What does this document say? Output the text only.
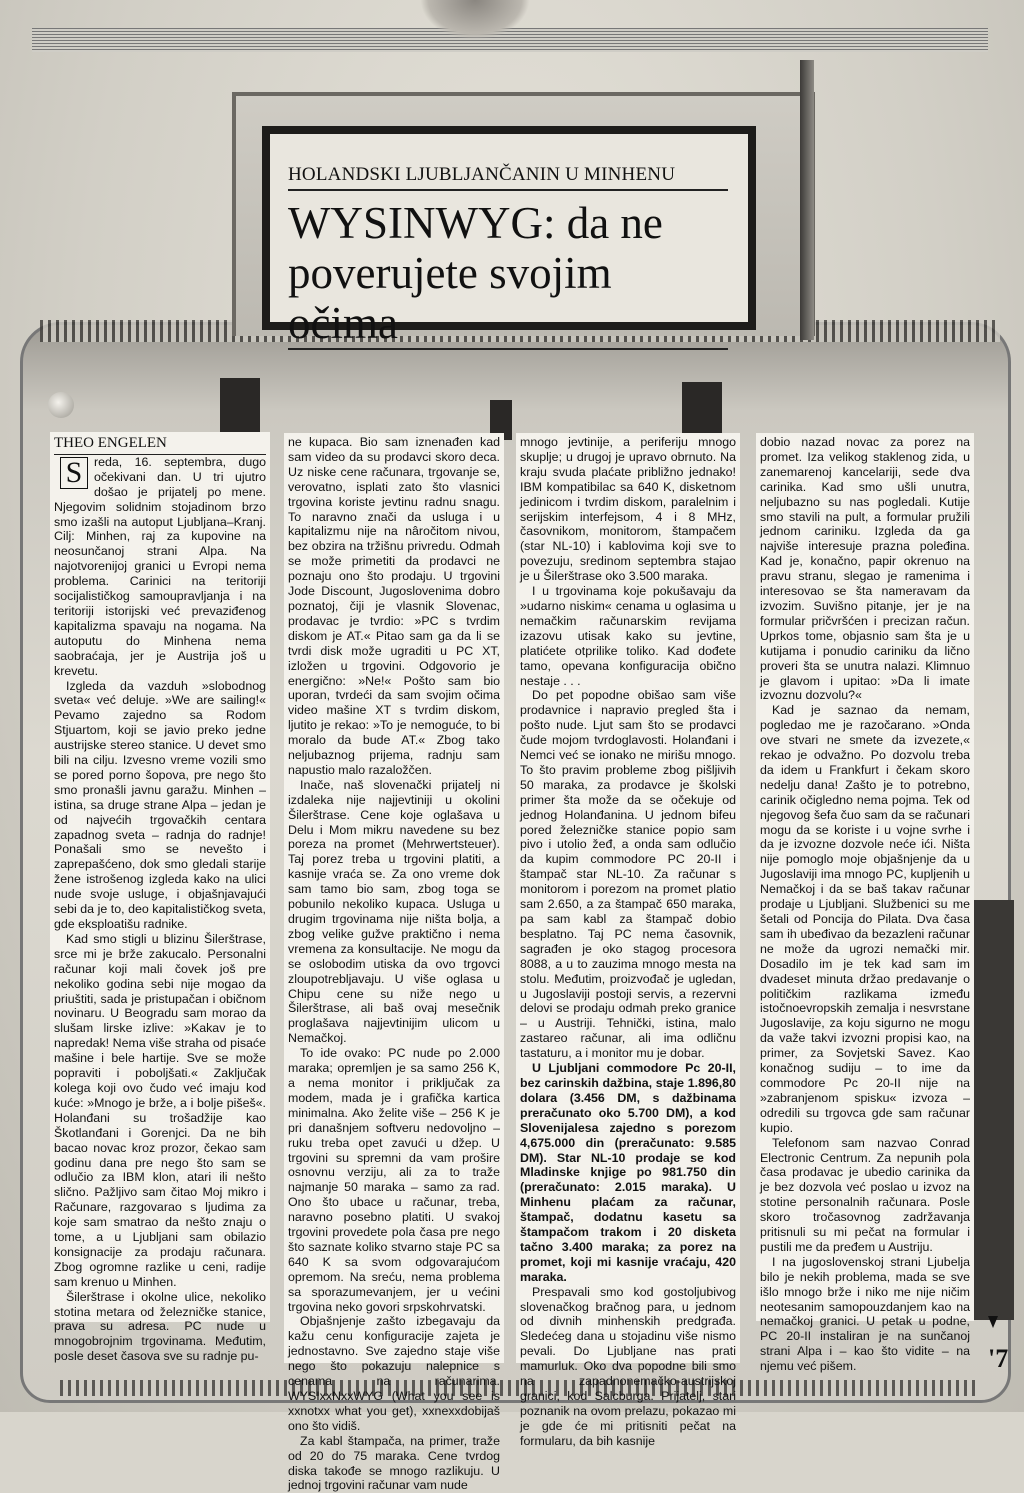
HOLANDSKI LJUBLJANČANIN U MINHENU
WYSINWYG: da ne
poverujete svojim očima

THEO ENGELEN

S reda, 16. septembra, dugo očekivani dan. U tri ujutro došao je prijatelj po mene. Njegovim solidnim stojadinom brzo smo izašli na autoput Ljubljana–Kranj. Cilj: Minhen, raj za kupovine na neosunčanoj strani Alpa. Na najotvorenijoj granici u Evropi nema problema. Carinici na teritoriji socijalističkog samoupravljanja i na teritoriji istorijski već prevaziđenog kapitalizma spavaju na nogama. Na autoputu do Minhena nema saobraćaja, jer je Austrija još u krevetu.

Izgleda da vazduh »slobodnog sveta« već deluje. »We are sailing!« Pevamo zajedno sa Rodom Stjuartom, koji se javio preko jedne austrijske stereo stanice. U devet smo bili na cilju. Izvesno vreme vozili smo se pored porno šopova, pre nego što smo pronašli javnu garažu. Minhen – istina, sa druge strane Alpa – jedan je od najvećih trgovačkih centara zapadnog sveta – radnja do radnje! Ponašali smo se nevešto i zaprepašćeno, dok smo gledali starije žene istrošenog izgleda kako na ulici nude svoje usluge, i objašnjavajući sebi da je to, deo kapitalističkog sveta, gde eksploatišu radnike.

Kad smo stigli u blizinu Šilerštrase, srce mi je brže zakucalo. Personalni računar koji mali čovek još pre nekoliko godina sebi nije mogao da priuštiti, sada je pristupačan i običnom novinaru. U Beogradu sam morao da slušam lirske izlive: »Kakav je to napredak! Nema više straha od pisaće mašine i bele hartije. Sve se može popraviti i poboljšati.« Zaključak kolega koji ovo čudo već imaju kod kuće: »Mnogo je brže, a i bolje pišeš«. Holanđani su trošadžije kao Škotlanđani i Gorenjci. Da ne bih bacao novac kroz prozor, čekao sam godinu dana pre nego što sam se odlučio za IBM klon, atari ili nešto slično. Pažljivo sam čitao Moj mikro i Računare, razgovarao s ljudima za koje sam smatrao da nešto znaju o tome, a u Ljubljani sam obilazio konsignacije za prodaju računara. Zbog ogromne razlike u ceni, radije sam krenuo u Minhen.

Šilerštrase i okolne ulice, nekoliko stotina metara od železničke stanice, prava su adresa. PC nude u mnogobrojnim trgovinama. Međutim, posle deset časova sve su radnje pu-

ne kupaca. Bio sam iznenađen kad sam video da su prodavci skoro deca. Uz niske cene računara, trgovanje se, verovatno, isplati zato što vlasnici trgovina koriste jevtinu radnu snagu. To naravno znači da usluga i u kapitalizmu nije na nâročitom nivou, bez obzira na tržišnu privredu. Odmah se može primetiti da prodavci ne poznaju ono što prodaju. U trgovini Jode Discount, Jugoslovenima dobro poznatoj, čiji je vlasnik Slovenac, prodavac je tvrdio: »PC s tvrdim diskom je AT.« Pitao sam ga da li se tvrdi disk može ugraditi u PC XT, izložen u trgovini. Odgovorio je energično: »Ne!« Pošto sam bio uporan, tvrdeći da sam svojim očima video mašine XT s tvrdim diskom, ljutito je rekao: »To je nemoguće, to bi moralo da bude AT.« Zbog tako neljubaznog prijema, radnju sam napustio malo razaložčen.

Inače, naš slovenački prijatelj ni izdaleka nije najjevtiniji u okolini Šilerštrase. Cene koje oglašava u Delu i Mom mikru navedene su bez poreza na promet (Mehrwertsteuer). Taj porez treba u trgovini platiti, a kasnije vraća se. Za ono vreme dok sam tamo bio sam, zbog toga se pobunilo nekoliko kupaca. Usluga u drugim trgovinama nije ništa bolja, a zbog velike gužve praktično i nema vremena za konsultacije. Ne mogu da se oslobodim utiska da ovo trgovci zloupotrebljavaju. U više oglasa u Chipu cene su niže nego u Šilerštrase, ali baš ovaj mesečnik proglašava najjevtinijim ulicom u Nemačkoj.

To ide ovako: PC nude po 2.000 maraka; opremljen je sa samo 256 K, a nema monitor i priključak za modem, mada je i grafička kartica minimalna. Ako želite više – 256 K je pri današnjem softveru nedovoljno – ruku treba opet zavući u džep. U trgovini su spremni da vam prošire osnovnu verziju, ali za to traže najmanje 50 maraka – samo za rad. Ono što ubace u računar, treba, naravno posebno platiti. U svakoj trgovini provedete pola časa pre nego što saznate koliko stvarno staje PC sa 640 K sa svom odgovarajućom opremom. Na sreću, nema problema sa sporazumevanjem, jer u većini trgovina neko govori srpskohrvatski.

Objašnjenje zašto izbegavaju da kažu cenu konfiguracije zajeta je jednostavno. Sve zajedno staje više nego što pokazuju nalepnice s cenama na računarima. WYSIxxNxxWYG (What you see is xxnotxx what you get), xxnexxdobijaš ono što vidiš.

Za kabl štampača, na primer, traže od 20 do 75 maraka. Cene tvrdog diska takođe se mnogo razlikuju. U jednoj trgovini računar vam nude

mnogo jevtinije, a periferiju mnogo skuplje; u drugoj je upravo obrnuto. Na kraju svuda plaćate približno jednako! IBM kompatibilac sa 640 K, disketnom jedinicom i tvrdim diskom, paralelnim i serijskim interfejsom, 4 i 8 MHz, časovnikom, monitorom, štampačem (star NL-10) i kablovima koji sve to povezuju, sredinom septembra stajao je u Šilerštrase oko 3.500 maraka.

I u trgovinama koje pokušavaju da »udarno niskim« cenama u oglasima u nemačkim računarskim revijama izazovu utisak kako su jevtine, platićete otprilike toliko. Kad dođete tamo, opevana konfiguracija obično nestaje . . .

Do pet popodne obišao sam više prodavnice i napravio pregled šta i pošto nude. Ljut sam što se prodavci čude mojom tvrdoglavosti. Holanđani i Nemci već se ionako ne mirišu mnogo. To što pravim probleme zbog pišljivih 50 maraka, za prodavce je školski primer šta može da se očekuje od jednog Holanđanina. U jednom bifeu pored železničke stanice popio sam pivo i utolio žeđ, a onda sam odlučio da kupim commodore PC 20-II i štampač star NL-10. Za računar s monitorom i porezom na promet platio sam 2.650, a za štampač 650 maraka, pa sam kabl za štampač dobio besplatno. Taj PC nema časovnik, sagrađen je oko stagog procesora 8088, a u to zauzima mnogo mesta na stolu. Međutim, proizvođač je ugledan, u Jugoslaviji postoji servis, a rezervni delovi se prodaju odmah preko granice – u Austriji. Tehnički, istina, malo zastareo računar, ali ima odličnu tastaturu, a i monitor mu je dobar.

U Ljubljani commodore Pc 20-II, bez carinskih dažbina, staje 1.896,80 dolara (3.456 DM, s dažbinama preračunato oko 5.700 DM), a kod Slovenijalesa zajedno s porezom 4,675.000 din (preračunato: 9.585 DM). Star NL-10 prodaje se kod Mladinske knjige po 981.750 din (preračunato: 2.015 maraka). U Minhenu plaćam za računar, štampač, dodatnu kasetu sa štampačom trakom i 20 disketa tačno 3.400 maraka; za porez na promet, koji mi kasnije vraćaju, 420 maraka.

Prespavali smo kod gostoljubivog slovenačkog bračnog para, u jednom od divnih minhenskih predgrađa. Sledećeg dana u stojadinu više nismo pevali. Do Ljubljane nas prati mamurluk. Oko dva popodne bili smo na zapadnonemačko-austrijskoj granici, kod Salcburga. Prijatelj, stari poznanik na ovom prelazu, pokazao mi je gde će mi pritisniti pečat na formularu, da bih kasnije

dobio nazad novac za porez na promet. Iza velikog staklenog zida, u zanemarenoj kancelariji, sede dva carinika. Kad smo ušli unutra, neljubazno su nas pogledali. Kutije smo stavili na pult, a formular pružili jednom cariniku. Izgleda da ga najviše interesuje prazna poleđina. Kad je, konačno, papir okrenuo na pravu stranu, slegao je ramenima i interesovao se šta nameravam da izvozim. Suvišno pitanje, jer je na formular pričvršćen i precizan račun. Uprkos tome, objasnio sam šta je u kutijama i ponudio cariniku da lično proveri šta se unutra nalazi. Klimnuo je glavom i upitao: »Da li imate izvoznu dozvolu?«

Kad je saznao da nemam, pogledao me je razočarano. »Onda ove stvari ne smete da izvezete,« rekao je odvažno. Po dozvolu treba da idem u Frankfurt i čekam skoro nedelju dana! Zašto je to potrebno, carinik očigledno nema pojma. Tek od njegovog šefa čuo sam da se računari mogu da se koriste i u vojne svrhe i da je izvozne dozvole neće ići. Ništa nije pomoglo moje objašnjenje da u Jugoslaviji ima mnogo PC, kupljenih u Nemačkoj i da se baš takav računar prodaje u Ljubljani. Službenici su me šetali od Poncija do Pilata. Dva časa sam ih ubeđivao da bezazleni računar ne može da ugrozi nemački mir. Dosadilo im je tek kad sam im dvadeset minuta držao predavanje o političkim razlikama između istočnoevropskih zemalja i nesvrstane Jugoslavije, za koju sigurno ne mogu da važe takvi izvozni propisi kao, na primer, za Sovjetski Savez. Kao konačnog sudiju – to ime da commodore Pc 20-II nije na »zabranjenom spisku« izvoza – odredili su trgovca gde sam računar kupio.

Telefonom sam nazvao Conrad Electronic Centrum. Za nepunih pola časa prodavac je ubedio carinika da je bez dozvola već poslao u izvoz na stotine personalnih računara. Posle skoro tročasovnog zadržavanja pritisnuli su mi pečat na formular i pustili me da pređem u Austriju.

I na jugoslovenskoj strani Ljubelja bilo je nekih problema, mada se sve išlo mnogo brže i niko me nije ničim neotesanim samopouzdanjem kao na nemačkoj granici. U petak u podne, PC 20-II instaliran je na sunčanoj strani Alpa i – kao što vidite – na njemu već pišem.	'7
